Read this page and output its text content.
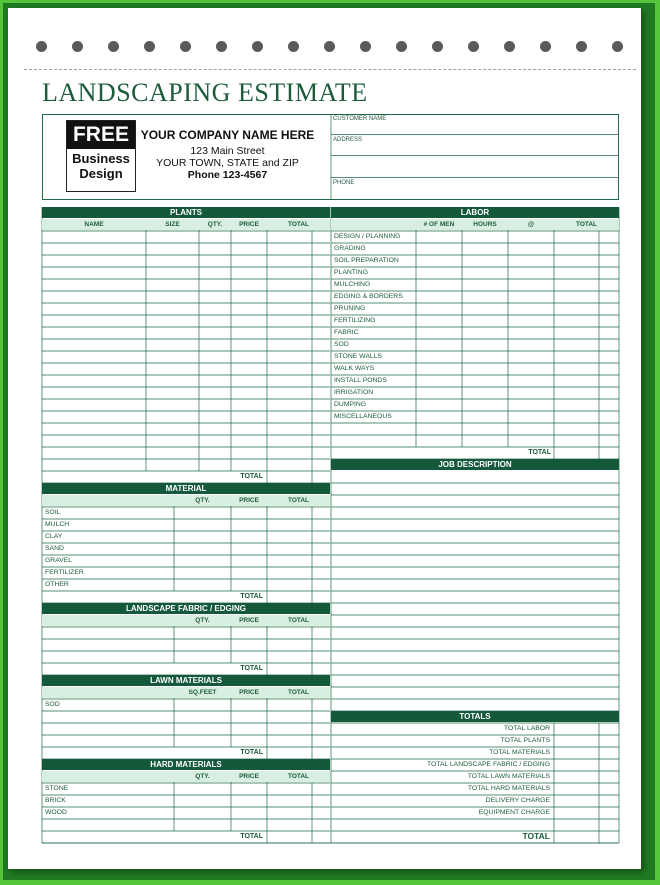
LANDSCAPING ESTIMATE
FREE
Business
Design
YOUR COMPANY NAME HERE
123 Main Street
YOUR TOWN, STATE and ZIP
Phone 123-4567
CUSTOMER NAME
ADDRESS
PHONE
PLANTS
NAME	SIZE	QTY.	PRICE	TOTAL
TOTAL
LABOR
# OF MEN	HOURS	@	TOTAL
DESIGN / PLANNING
GRADING
SOIL PREPARATION
PLANTING
MULCHING
EDGING & BORDERS
PRUNING
FERTILIZING
FABRIC
SOD
STONE WALLS
WALK WAYS
INSTALL PONDS
IRRIGATION
DUMPING
MISCELLANEOUS
TOTAL
JOB DESCRIPTION
MATERIAL
QTY.	PRICE	TOTAL
SOIL
MULCH
CLAY
SAND
GRAVEL
FERTILIZER
OTHER
TOTAL
LANDSCAPE FABRIC / EDGING
QTY.	PRICE	TOTAL
TOTAL
LAWN MATERIALS
SQ.FEET	PRICE	TOTAL
SOD
TOTAL
HARD MATERIALS
QTY.	PRICE	TOTAL
STONE
BRICK
WOOD
TOTAL
TOTALS
TOTAL LABOR
TOTAL PLANTS
TOTAL MATERIALS
TOTAL LANDSCAPE FABRIC / EDGING
TOTAL LAWN MATERIALS
TOTAL HARD MATERIALS
DELIVERY CHARGE
EQUIPMENT CHARGE
TOTAL
